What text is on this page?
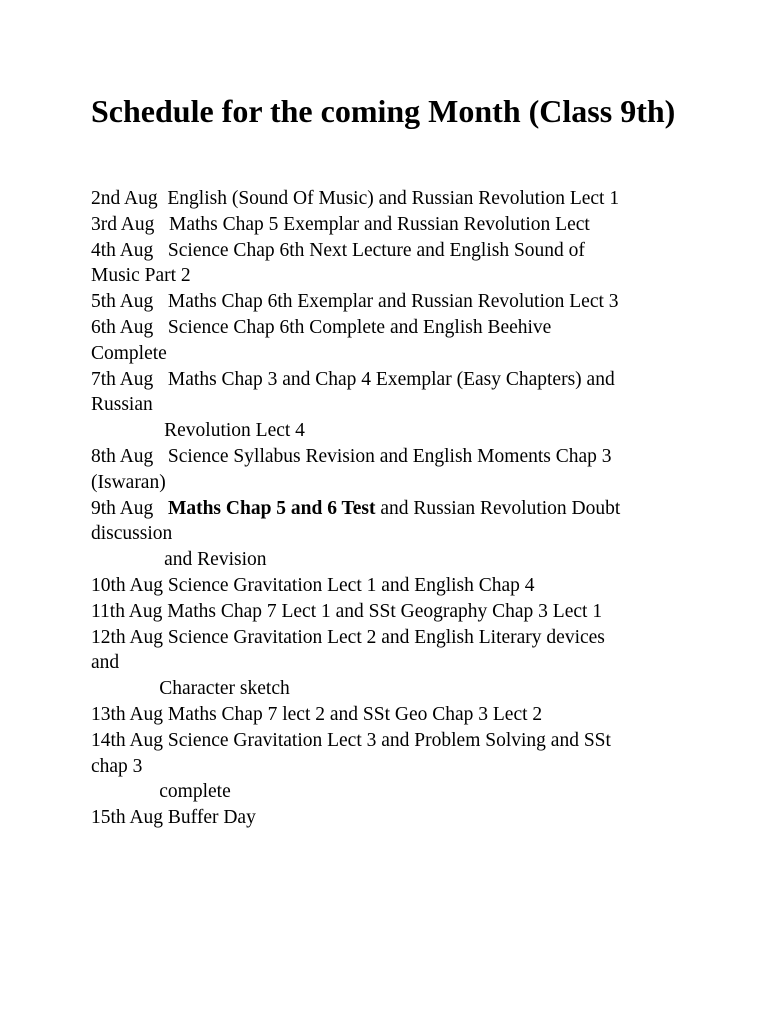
Schedule for the coming Month (Class 9th)
2nd Aug  English (Sound Of Music) and Russian Revolution Lect 1
3rd Aug   Maths Chap 5 Exemplar and Russian Revolution Lect
4th Aug   Science Chap 6th Next Lecture and English Sound of
Music Part 2
5th Aug   Maths Chap 6th Exemplar and Russian Revolution Lect 3
6th Aug   Science Chap 6th Complete and English Beehive
Complete
7th Aug   Maths Chap 3 and Chap 4 Exemplar (Easy Chapters) and
Russian
Revolution Lect 4
8th Aug   Science Syllabus Revision and English Moments Chap 3
(Iswaran)
9th Aug   Maths Chap 5 and 6 Test and Russian Revolution Doubt
discussion
and Revision
10th Aug Science Gravitation Lect 1 and English Chap 4
11th Aug Maths Chap 7 Lect 1 and SSt Geography Chap 3 Lect 1
12th Aug Science Gravitation Lect 2 and English Literary devices
and
Character sketch
13th Aug Maths Chap 7 lect 2 and SSt Geo Chap 3 Lect 2
14th Aug Science Gravitation Lect 3 and Problem Solving and SSt
chap 3
complete
15th Aug Buffer Day
